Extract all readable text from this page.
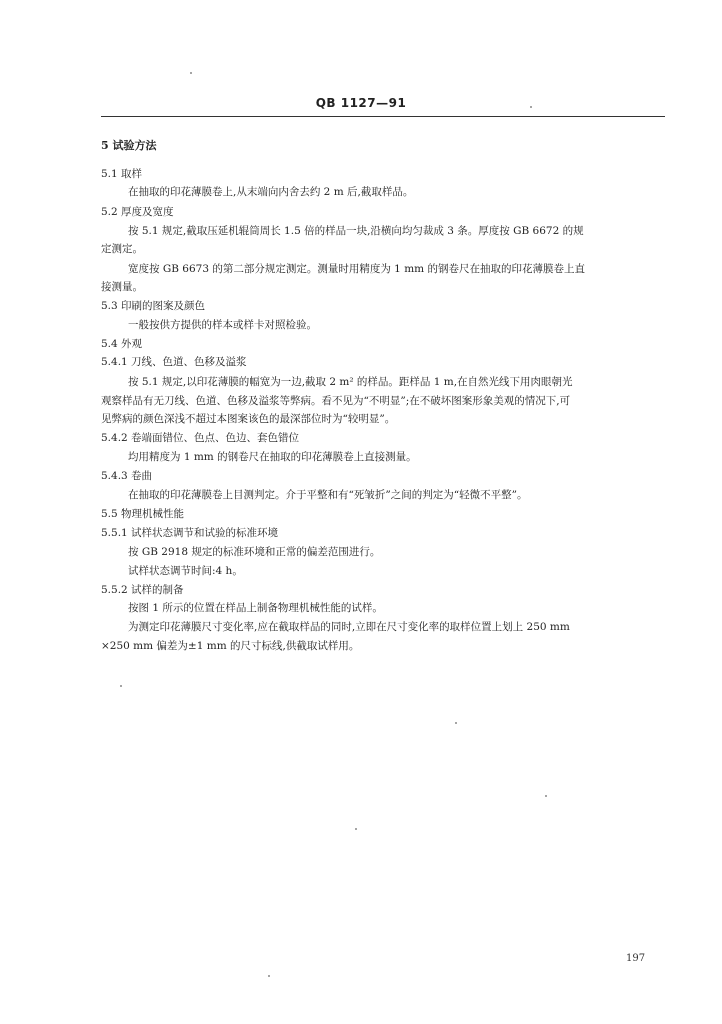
QB 1127—91
5 试验方法
5.1 取样
在抽取的印花薄膜卷上,从末端向内舍去约 2 m 后,截取样品。
5.2 厚度及宽度
按 5.1 规定,截取压延机辊筒周长 1.5 倍的样品一块,沿横向均匀裁成 3 条。厚度按 GB 6672 的规
定测定。
宽度按 GB 6673 的第二部分规定测定。测量时用精度为 1 mm 的钢卷尺在抽取的印花薄膜卷上直
接测量。
5.3 印刷的图案及颜色
一般按供方提供的样本或样卡对照检验。
5.4 外观
5.4.1 刀线、色道、色移及溢浆
按 5.1 规定,以印花薄膜的幅宽为一边,截取 2 m² 的样品。距样品 1 m,在自然光线下用肉眼朝光
观察样品有无刀线、色道、色移及溢浆等弊病。看不见为“不明显”;在不破坏图案形象美观的情况下,可
见弊病的颜色深浅不超过本图案该色的最深部位时为“较明显”。
5.4.2 卷端面错位、色点、色边、套色错位
均用精度为 1 mm 的钢卷尺在抽取的印花薄膜卷上直接测量。
5.4.3 卷曲
在抽取的印花薄膜卷上目测判定。介于平整和有“死皱折”之间的判定为“轻微不平整”。
5.5 物理机械性能
5.5.1 试样状态调节和试验的标准环境
按 GB 2918 规定的标准环境和正常的偏差范围进行。
试样状态调节时间:4 h。
5.5.2 试样的制备
按图 1 所示的位置在样品上制备物理机械性能的试样。
为测定印花薄膜尺寸变化率,应在截取样品的同时,立即在尺寸变化率的取样位置上划上 250 mm
×250 mm 偏差为±1 mm 的尺寸标线,供截取试样用。
197
